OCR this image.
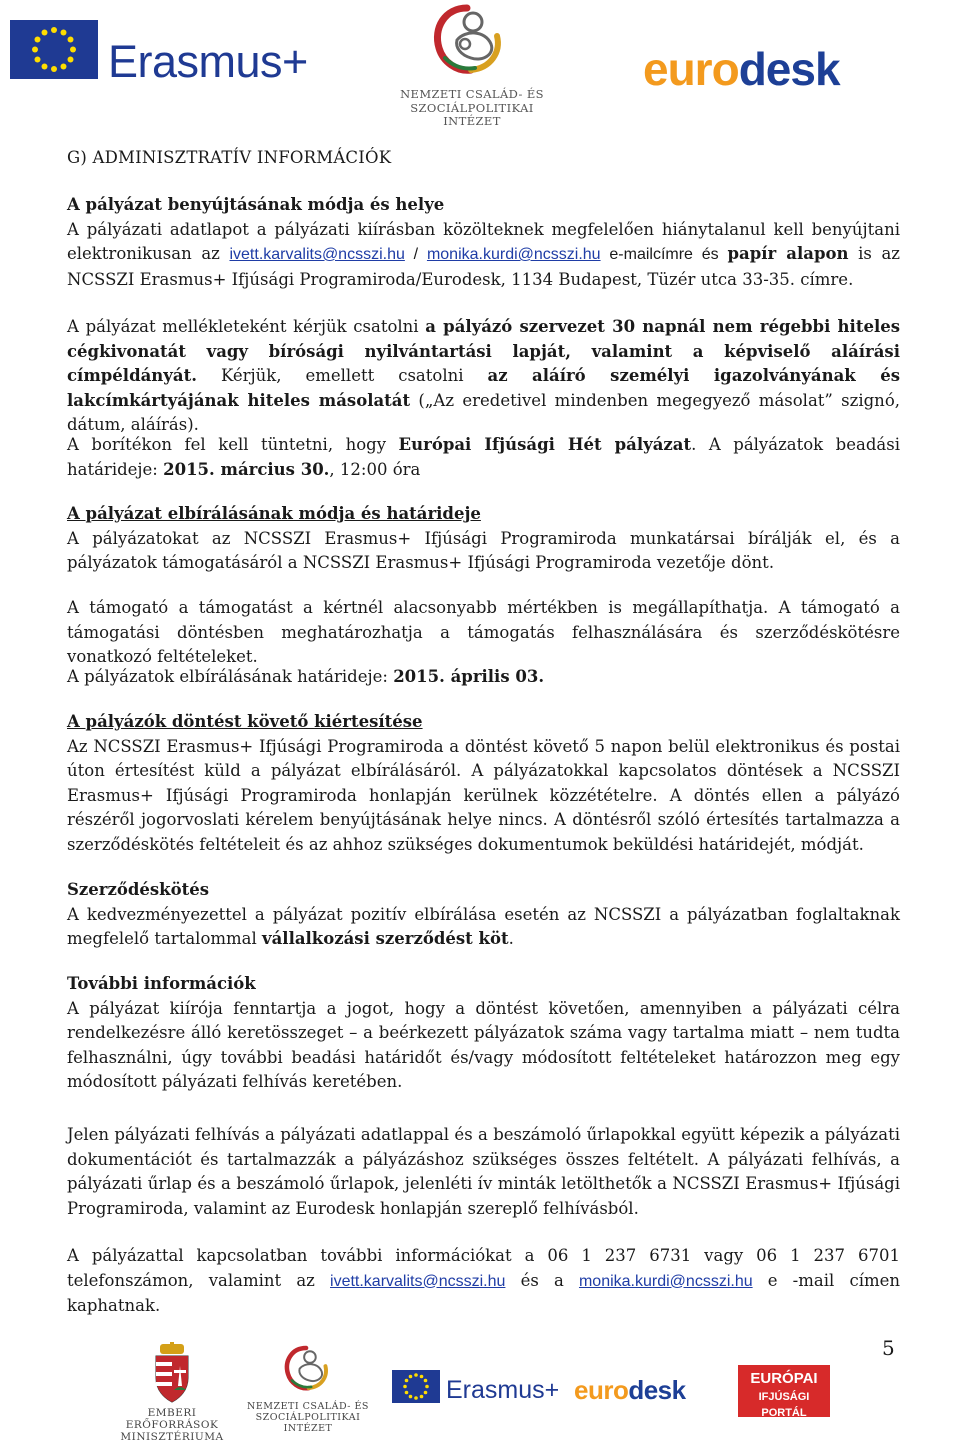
Erasmus+
NEMZETI CSALÁD- ÉS
SZOCIÁLPOLITIKAI INTÉZET
eurodesk
G) ADMINISZTRATÍV INFORMÁCIÓK

A pályázat benyújtásának módja és helye

A pályázati adatlapot a pályázati kiírásban közölteknek megfelelően hiánytalanul kell benyújtani elektronikusan az ivett.karvalits@ncsszi.hu / monika.kurdi@ncsszi.hu e-mailcímre és papír alapon is az NCSSZI Erasmus+ Ifjúsági Programiroda/Eurodesk, 1134 Budapest, Tüzér utca 33-35. címre.

A pályázat mellékleteként kérjük csatolni a pályázó szervezet 30 napnál nem régebbi hiteles cégkivonatát vagy bírósági nyilvántartási lapját, valamint a képviselő aláírási címpéldányát. Kérjük, emellett csatolni az aláíró személyi igazolványának és lakcímkártyájának hiteles másolatát („Az eredetivel mindenben megegyező másolat” szignó, dátum, aláírás).

A borítékon fel kell tüntetni, hogy Európai Ifjúsági Hét pályázat. A pályázatok beadási határideje: 2015. március 30., 12:00 óra

A pályázat elbírálásának módja és határideje

A pályázatokat az NCSSZI Erasmus+ Ifjúsági Programiroda munkatársai bírálják el, és a pályázatok támogatásáról a NCSSZI Erasmus+ Ifjúsági Programiroda vezetője dönt.

A támogató a támogatást a kértnél alacsonyabb mértékben is megállapíthatja. A támogató a támogatási döntésben meghatározhatja a támogatás felhasználására és szerződéskötésre vonatkozó feltételeket.

A pályázatok elbírálásának határideje: 2015. április 03.

A pályázók döntést követő kiértesítése

Az NCSSZI Erasmus+ Ifjúsági Programiroda a döntést követő 5 napon belül elektronikus és postai úton értesítést küld a pályázat elbírálásáról. A pályázatokkal kapcsolatos döntések a NCSSZI Erasmus+ Ifjúsági Programiroda honlapján kerülnek közzétételre. A döntés ellen a pályázó részéről jogorvoslati kérelem benyújtásának helye nincs. A döntésről szóló értesítés tartalmazza a szerződéskötés feltételeit és az ahhoz szükséges dokumentumok beküldési határidejét, módját.

Szerződéskötés

A kedvezményezettel a pályázat pozitív elbírálása esetén az NCSSZI a pályázatban foglaltaknak megfelelő tartalommal vállalkozási szerződést köt.

További információk

A pályázat kiírója fenntartja a jogot, hogy a döntést követően, amennyiben a pályázati célra rendelkezésre álló keretösszeget – a beérkezett pályázatok száma vagy tartalma miatt – nem tudta felhasználni, úgy további beadási határidőt és/vagy módosított feltételeket határozzon meg egy módosított pályázati felhívás keretében.

Jelen pályázati felhívás a pályázati adatlappal és a beszámoló űrlapokkal együtt képezik a pályázati dokumentációt és tartalmazzák a pályázáshoz szükséges összes feltételt. A pályázati felhívás, a pályázati űrlap és a beszámoló űrlapok, jelenléti ív minták letölthetők a NCSSZI Erasmus+ Ifjúsági Programiroda, valamint az Eurodesk honlapján szereplő felhívásból.

A pályázattal kapcsolatban további információkat a 06 1 237 6731 vagy 06 1 237 6701 telefonszámon, valamint az ivett.karvalits@ncsszi.hu és a monika.kurdi@ncsszi.hu e -mail címen kaphatnak.

5
EMBERI ERŐFORRÁSOK
MINISZTÉRIUMA
NEMZETI CSALÁD- ÉS
SZOCIÁLPOLITIKAI INTÉZET
Erasmus+ eurodesk	EURÓPAI
IFJÚSÁGI PORTÁL
